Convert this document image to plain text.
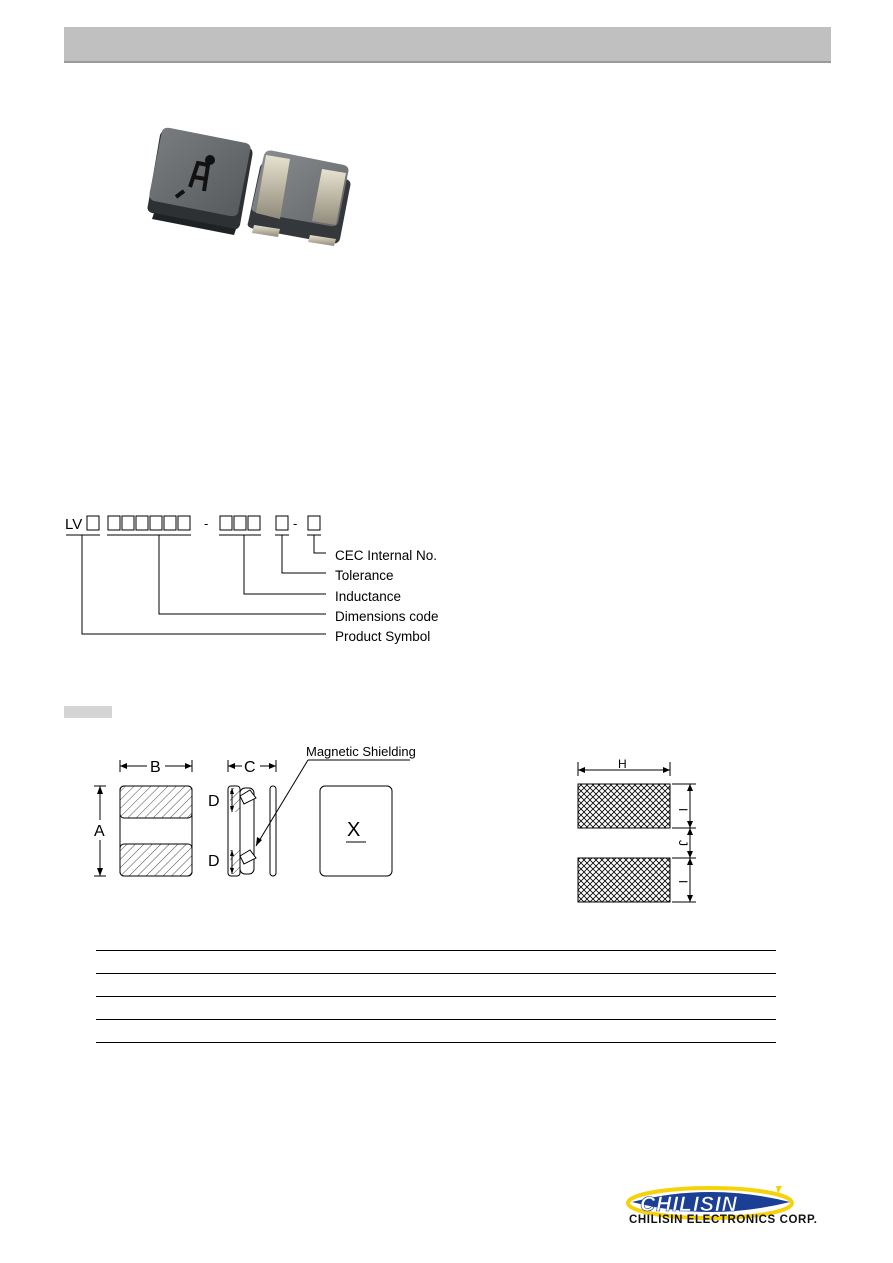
LV	-	-
CEC Internal No.
Tolerance
Inductance
Dimensions code
Product Symbol
B
A
C
D
D
Magnetic Shielding
X
H
I
J
I
CHILISIN
CHILISIN ELECTRONICS CORP.
